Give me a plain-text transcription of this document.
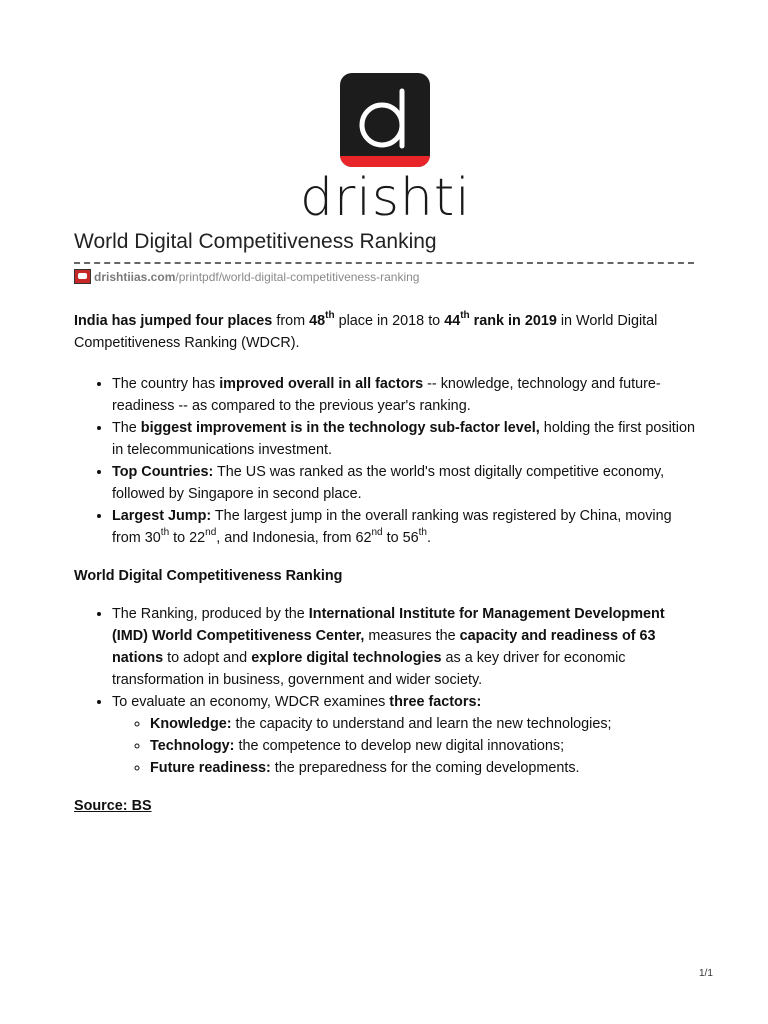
drishti
World Digital Competitiveness Ranking
drishtiias.com /printpdf/world-digital-competitiveness-ranking

India has jumped four places from 48th place in 2018 to 44th rank in 2019 in World Digital Competitiveness Ranking (WDCR).

• The country has improved overall in all factors -- knowledge, technology and future-readiness -- as compared to the previous year's ranking.
• The biggest improvement is in the technology sub-factor level, holding the first position in telecommunications investment.
• Top Countries: The US was ranked as the world's most digitally competitive economy, followed by Singapore in second place.
• Largest Jump: The largest jump in the overall ranking was registered by China, moving from 30th to 22nd, and Indonesia, from 62nd to 56th.

World Digital Competitiveness Ranking

• The Ranking, produced by the International Institute for Management Development (IMD) World Competitiveness Center, measures the capacity and readiness of 63 nations to adopt and explore digital technologies as a key driver for economic transformation in business, government and wider society.
• To evaluate an economy, WDCR examines three factors:
◦ Knowledge: the capacity to understand and learn the new technologies;
◦ Technology: the competence to develop new digital innovations;
◦ Future readiness: the preparedness for the coming developments.

Source: BS

1/1
